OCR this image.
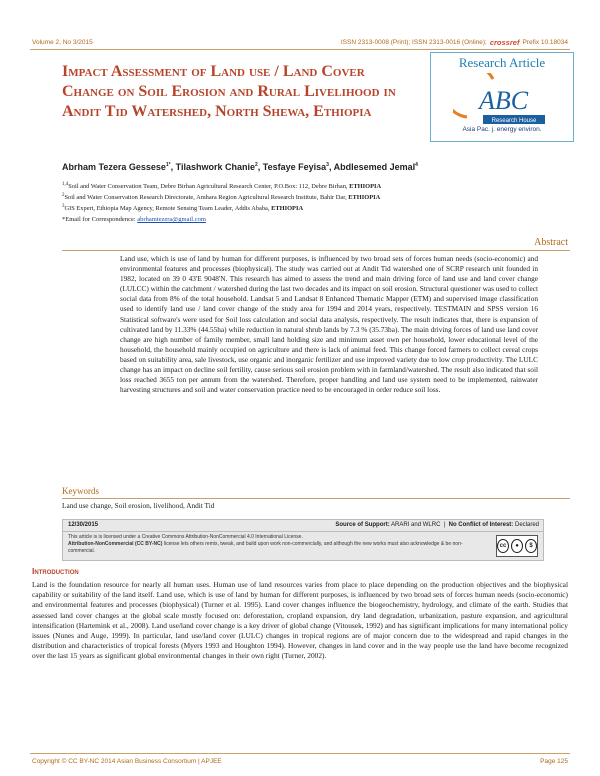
Volume 2, No 3/2015	ISSN 2313-0008 (Print); ISSN 2313-0016 (Online); crossref Prefix 10.18034
Impact Assessment of Land use / Land Cover Change on Soil Erosion and Rural Livelihood in Andit Tid Watershed, North Shewa, Ethiopia
Research Article
ABC
Research House
Asia Pac. j. energy environ.
Abrham Tezera Gessese$^{1*}$, Tilashwork Chanie$^2$, Tesfaye Feyisa$^3$, Abdlesemed Jemal$^4$
$^{1,4}$Soil and Water Conservation Team, Debre Birhan Agricultural Research Center, P.O.Box: 112, Debre Birhan, ETHIOPIA
$^2$Soil and Water Conservation Research Directorate, Amhara Region Agricultural Research Institute, Bahir Dar, ETHIOPIA
$^3$GIS Expert, Ethiopia Map Agency, Remote Sensing Team Leader, Addis Ababa, ETHIOPIA
*Email for Correspondence: abrhamtezera@gmail.com
Abstract

Land use, which is use of land by human for different purposes, is influenced by two broad sets of forces human needs (socio-economic) and environmental features and processes (biophysical). The study was carried out at Andit Tid watershed one of SCRP research unit founded in 1982, located on 39 0 43'E 9048'N. This research has aimed to assess the trend and main driving force of land use and land cover change (LULCC) within the catchment / watershed during the last two decades and its impact on soil erosion. Structural questioner was used to collect social data from 8% of the total household. Landsat 5 and Landsat 8 Enhanced Thematic Mapper (ETM) and supervised image classification used to identify land use / land cover change of the study area for 1994 and 2014 years, respectively. TESTMAIN and SPSS version 16 Statistical software's were used for Soil loss calculation and social data analysis, respectively. The result indicates that, there is expansion of cultivated land by 11.33% (44.55ha) while reduction in natural shrub lands by 7.3 % (35.73ha). The main driving forces of land use land cover change are high number of family member, small land holding size and minimum asset own per household, lower educational level of the household, the household mainly occupied on agriculture and there is lack of animal feed. This change forced farmers to collect cereal crops based on suitability area, sale livestock, use organic and inorganic fertilizer and use improved variety due to low crop productivity. The LULC change has an impact on decline soil fertility, cause serious soil erosion problem with in farmland/watershed. The result also indicated that soil loss reached 3655 ton per annum from the watershed. Therefore, proper handling and land use system need to be implemented, rainwater harvesting structures and soil and water conservation practice need to be encouraged in order reduce soil loss.

Keywords
Land use change, Soil erosion, livelihood, Andit Tid
12/30/2015	Source of Support: ARARI and WLRC  |  No Conflict of Interest: Declared
This article is is licensed under a Creative Commons Attribution-NonCommercial 4.0 International License.
Attribution-NonCommercial (CC BY-NC) license lets others remix, tweak, and build upon work non-commercially, and although the new works must also acknowledge & be non-commercial.
cc	●	$
Introduction

Land is the foundation resource for nearly all human uses. Human use of land resources varies from place to place depending on the production objectives and the biophysical capability or suitability of the land itself. Land use, which is use of land by human for different purposes, is influenced by two broad sets of forces human needs (socio-economic) and environmental features and processes (biophysical) (Turner et al. 1995). Land cover changes influence the biogeochemistry, hydrology, and climate of the earth. Studies that assessed land cover changes at the global scale mostly focused on: deforestation, cropland expansion, dry land degradation, urbanization, pasture expansion, and agricultural intensification (Hartemink et al., 2008). Land use/land cover change is a key driver of global change (Vitousek, 1992) and has significant implications for many international policy issues (Nunes and Auge, 1999). In particular, land use/land cover (LULC) changes in tropical regions are of major concern due to the widespread and rapid changes in the distribution and characteristics of tropical forests (Myers 1993 and Houghton 1994). However, changes in land cover and in the way people use the land have become recognized over the last 15 years as significant global environmental changes in their own right (Turner, 2002).

Copyright © CC BY-NC 2014 Asian Business Consortium | APJEE	Page 125
